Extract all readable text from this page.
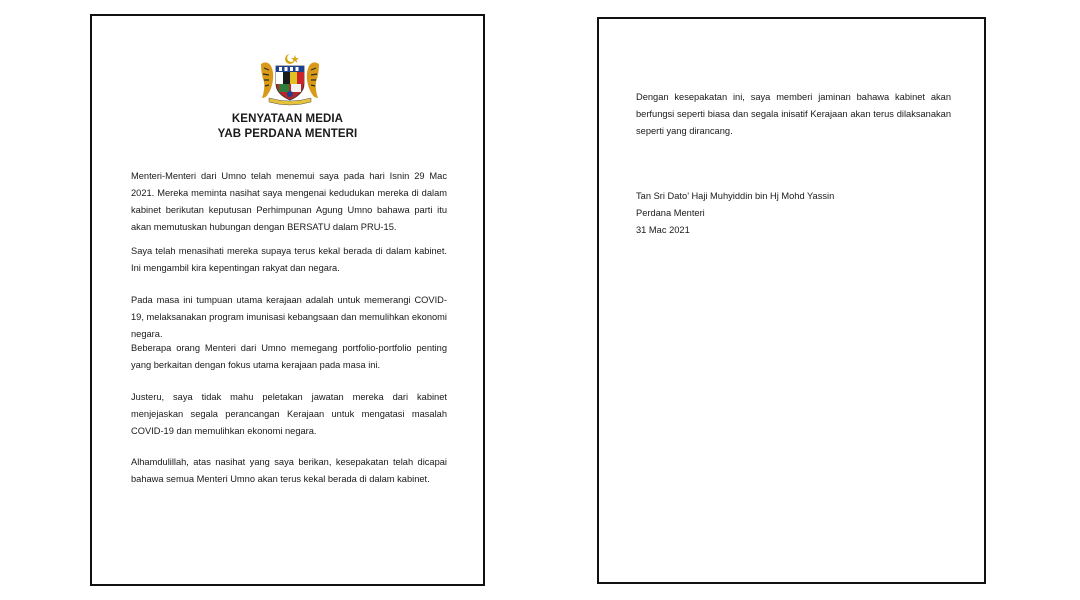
KENYATAAN MEDIA
YAB PERDANA MENTERI

Menteri-Menteri dari Umno telah menemui saya pada hari Isnin 29 Mac 2021. Mereka meminta nasihat saya mengenai kedudukan mereka di dalam kabinet berikutan keputusan Perhimpunan Agung Umno bahawa parti itu akan memutuskan hubungan dengan BERSATU dalam PRU-15.

Saya telah menasihati mereka supaya terus kekal berada di dalam kabinet. Ini mengambil kira kepentingan rakyat dan negara.

Pada masa ini tumpuan utama kerajaan adalah untuk memerangi COVID-19, melaksanakan program imunisasi kebangsaan dan memulihkan ekonomi negara.

Beberapa orang Menteri dari Umno memegang portfolio-portfolio penting yang berkaitan dengan fokus utama kerajaan pada masa ini.

Justeru, saya tidak mahu peletakan jawatan mereka dari kabinet menjejaskan segala perancangan Kerajaan untuk mengatasi masalah COVID-19 dan memulihkan ekonomi negara.

Alhamdulillah, atas nasihat yang saya berikan, kesepakatan telah dicapai bahawa semua Menteri Umno akan terus kekal berada di dalam kabinet.

Dengan kesepakatan ini, saya memberi jaminan bahawa kabinet akan berfungsi seperti biasa dan segala inisatif Kerajaan akan terus dilaksanakan seperti yang dirancang.

Tan Sri Dato’ Haji Muhyiddin bin Hj Mohd Yassin
Perdana Menteri
31 Mac 2021
